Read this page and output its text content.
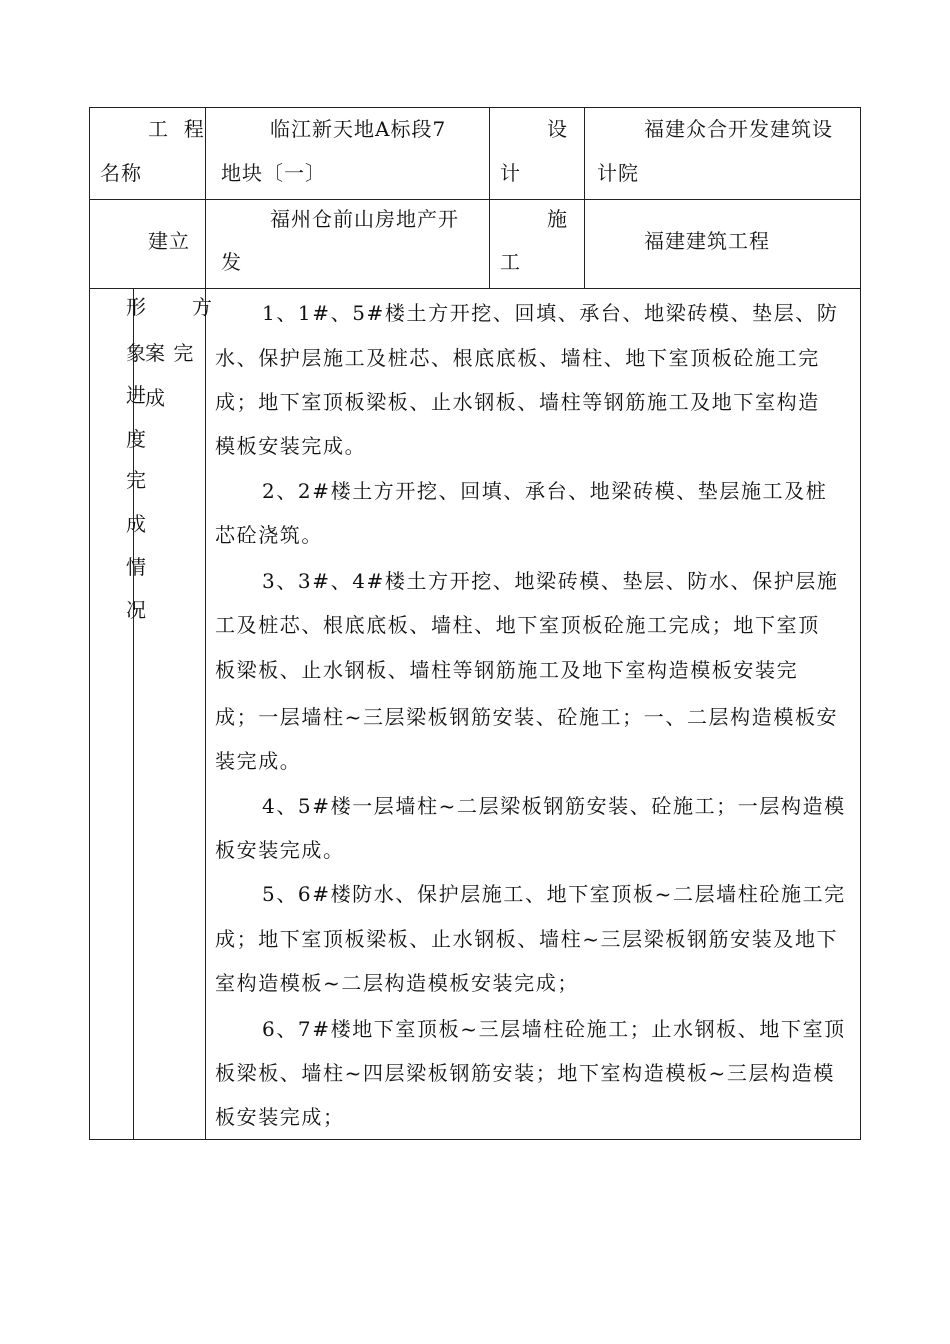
工  程
名称
临江新天地A标段7
地块〔一〕
设
计
福建众合开发建筑设
计院
建立
福州仓前山房地产开
发
施
工
福建建筑工程
形 方
象
案 完
进
成
度
完
成
情
况
1、1#、5#楼土方开挖、回填、承台、地梁砖模、垫层、防
水、保护层施工及桩芯、根底底板、墙柱、地下室顶板砼施工完
成；地下室顶板梁板、止水钢板、墙柱等钢筋施工及地下室构造
模板安装完成。
2、2#楼土方开挖、回填、承台、地梁砖模、垫层施工及桩
芯砼浇筑。
3、3#、4#楼土方开挖、地梁砖模、垫层、防水、保护层施
工及桩芯、根底底板、墙柱、地下室顶板砼施工完成；地下室顶
板梁板、止水钢板、墙柱等钢筋施工及地下室构造模板安装完
成；一层墙柱~三层梁板钢筋安装、砼施工；一、二层构造模板安
装完成。
4、5#楼一层墙柱~二层梁板钢筋安装、砼施工；一层构造模
板安装完成。
5、6#楼防水、保护层施工、地下室顶板~二层墙柱砼施工完
成；地下室顶板梁板、止水钢板、墙柱~三层梁板钢筋安装及地下
室构造模板~二层构造模板安装完成；
6、7#楼地下室顶板~三层墙柱砼施工；止水钢板、地下室顶
板梁板、墙柱~四层梁板钢筋安装；地下室构造模板~三层构造模
板安装完成；
